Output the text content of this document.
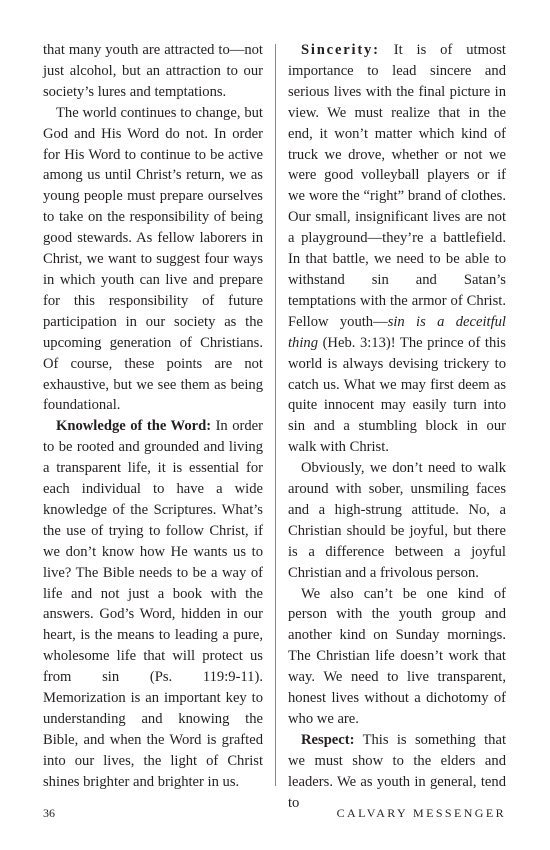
that many youth are attracted to—not just alcohol, but an attraction to our society’s lures and temptations.

The world continues to change, but God and His Word do not. In order for His Word to continue to be active among us until Christ’s return, we as young people must prepare ourselves to take on the responsibility of being good stewards. As fellow laborers in Christ, we want to suggest four ways in which youth can live and prepare for this responsibility of future participation in our society as the upcoming generation of Christians. Of course, these points are not exhaustive, but we see them as being foundational.

Knowledge of the Word: In order to be rooted and grounded and living a transparent life, it is essential for each individual to have a wide knowledge of the Scriptures. What’s the use of trying to follow Christ, if we don’t know how He wants us to live? The Bible needs to be a way of life and not just a book with the answers. God’s Word, hidden in our heart, is the means to leading a pure, wholesome life that will protect us from sin (Ps. 119:9-11). Memorization is an important key to understanding and knowing the Bible, and when the Word is grafted into our lives, the light of Christ shines brighter and brighter in us.

Sincerity: It is of utmost importance to lead sincere and serious lives with the final picture in view. We must realize that in the end, it won’t matter which kind of truck we drove, whether or not we were good volleyball players or if we wore the “right” brand of clothes. Our small, insignificant lives are not a playground—they’re a battlefield. In that battle, we need to be able to withstand sin and Satan’s temptations with the armor of Christ. Fellow youth—sin is a deceitful thing (Heb. 3:13)! The prince of this world is always devising trickery to catch us. What we may first deem as quite innocent may easily turn into sin and a stumbling block in our walk with Christ.

Obviously, we don’t need to walk around with sober, unsmiling faces and a high-strung attitude. No, a Christian should be joyful, but there is a difference between a joyful Christian and a frivolous person.

We also can’t be one kind of person with the youth group and another kind on Sunday mornings. The Christian life doesn’t work that way. We need to live transparent, honest lives without a dichotomy of who we are.

Respect: This is something that we must show to the elders and leaders. We as youth in general, tend to

36	CALVARY MESSENGER
